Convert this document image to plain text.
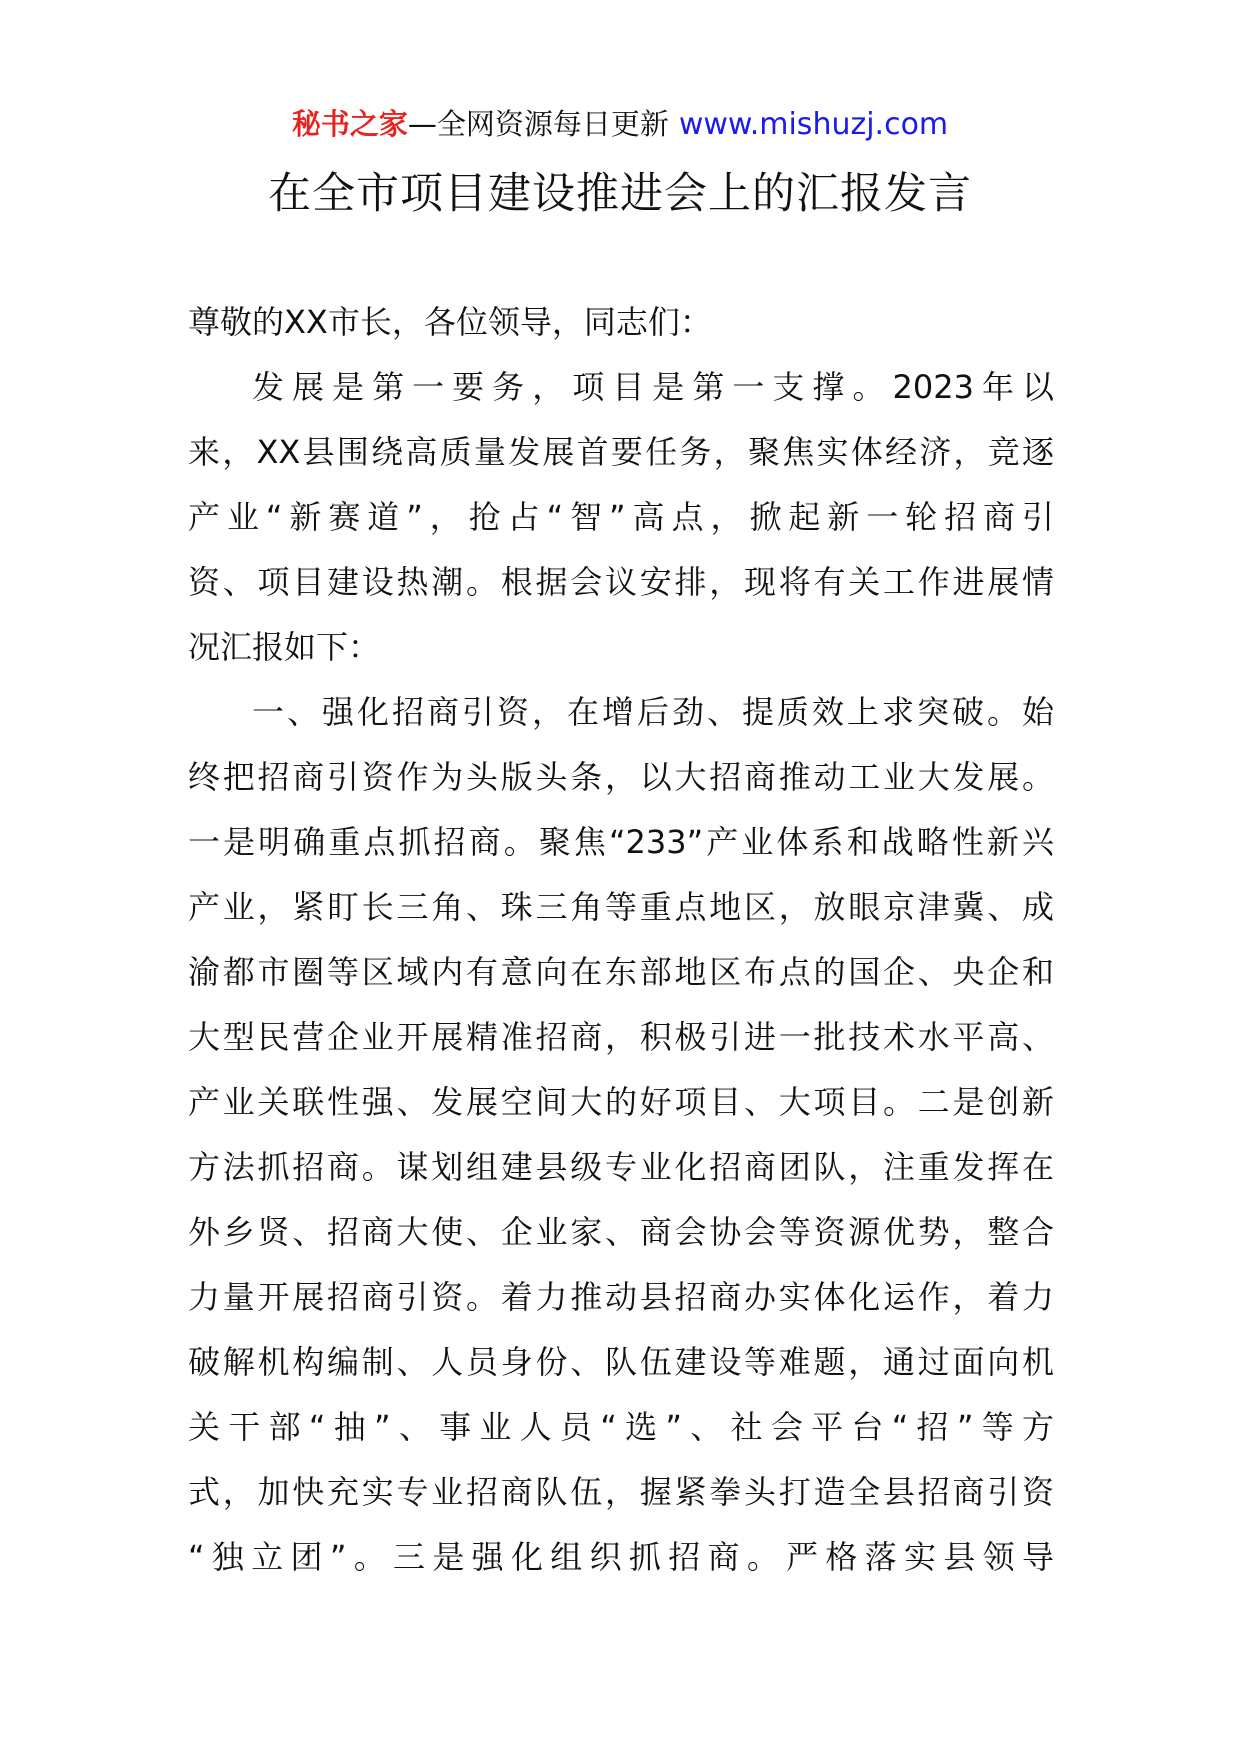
秘书之家—全网资源每日更新 www.mishuzj.com
在全市项目建设推进会上的汇报发言
尊敬的XX市长，各位领导，同志们：
发展是第一要务，项目是第一支撑。2023年以
来，XX县围绕高质量发展首要任务，聚焦实体经济，竞逐
产业“新赛道”，抢占“智”高点，掀起新一轮招商引
资、项目建设热潮。根据会议安排，现将有关工作进展情
况汇报如下：
一、强化招商引资，在增后劲、提质效上求突破。始
终把招商引资作为头版头条，以大招商推动工业大发展。
一是明确重点抓招商。聚焦“233”产业体系和战略性新兴
产业，紧盯长三角、珠三角等重点地区，放眼京津冀、成
渝都市圈等区域内有意向在东部地区布点的国企、央企和
大型民营企业开展精准招商，积极引进一批技术水平高、
产业关联性强、发展空间大的好项目、大项目。二是创新
方法抓招商。谋划组建县级专业化招商团队，注重发挥在
外乡贤、招商大使、企业家、商会协会等资源优势，整合
力量开展招商引资。着力推动县招商办实体化运作，着力
破解机构编制、人员身份、队伍建设等难题，通过面向机
关干部“抽”、事业人员“选”、社会平台“招”等方
式，加快充实专业招商队伍，握紧拳头打造全县招商引资
“独立团”。三是强化组织抓招商。严格落实县领导
